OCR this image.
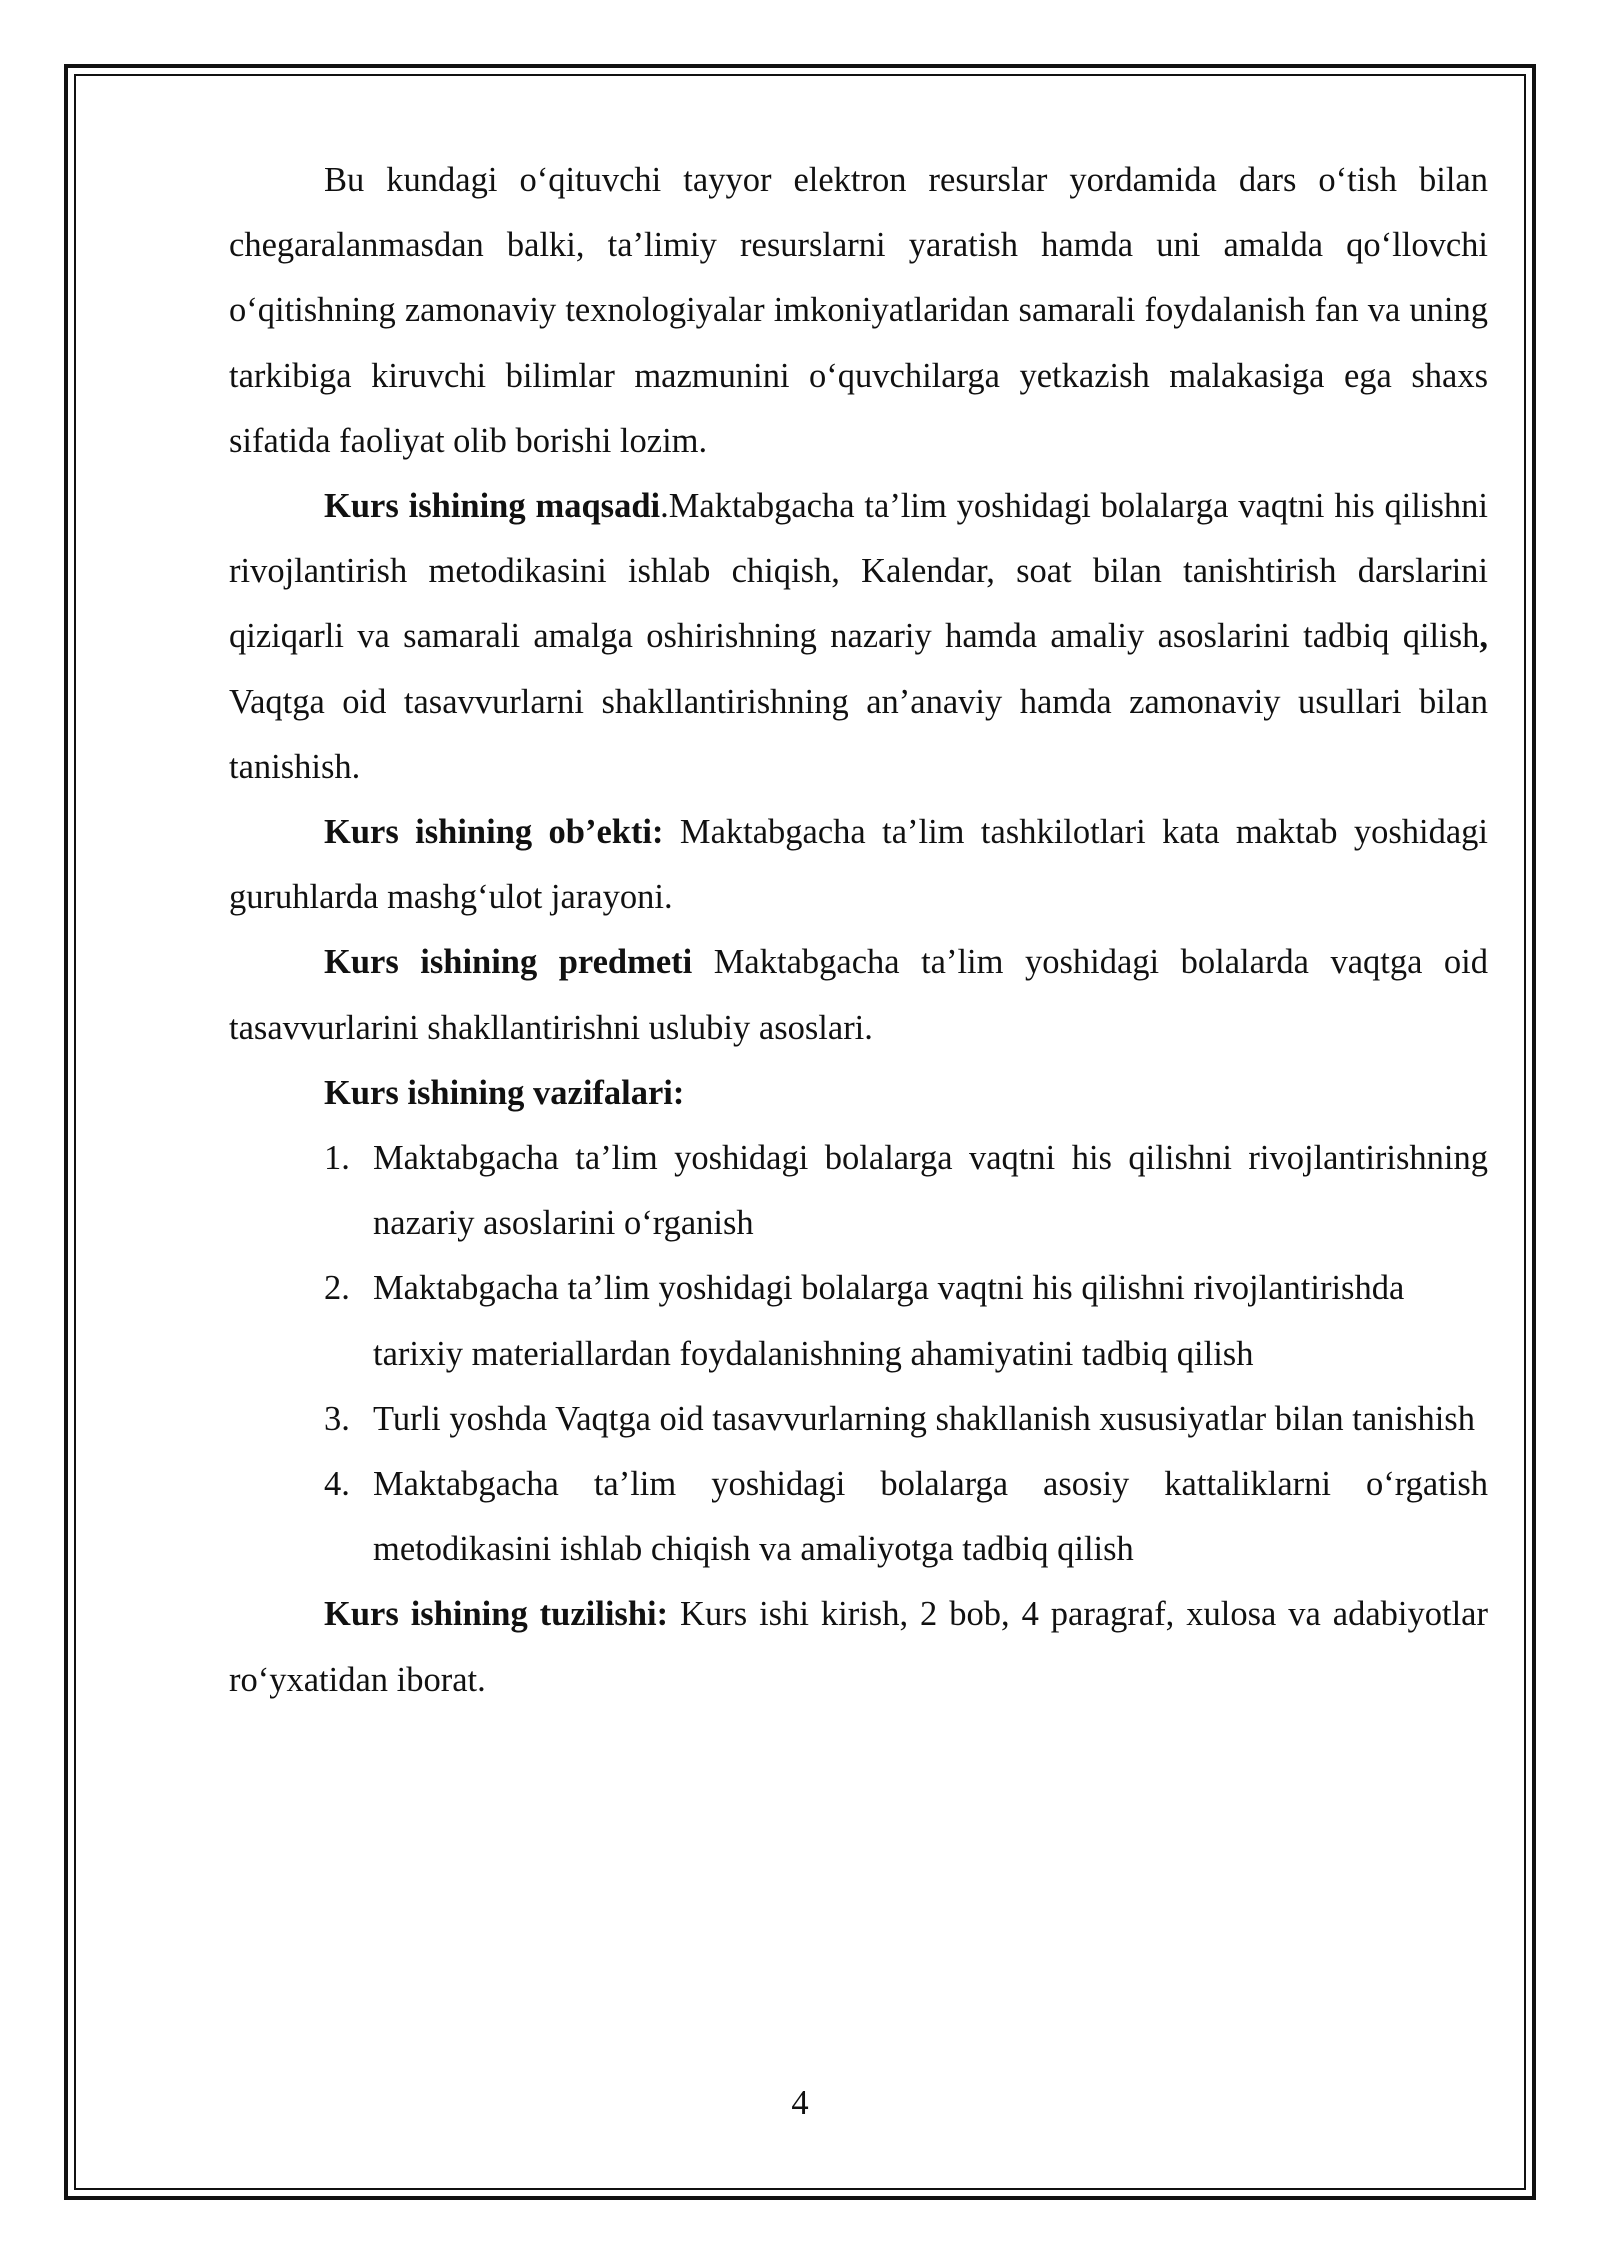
Bu kundagi o‘qituvchi tayyor elektron resurslar yordamida dars o‘tish bilan chegaralanmasdan balki, ta’limiy resurslarni yaratish hamda uni amalda qo‘llovchi o‘qitishning zamonaviy texnologiyalar imkoniyatlaridan samarali foydalanish fan va uning tarkibiga kiruvchi bilimlar mazmunini o‘quvchilarga yetkazish malakasiga ega shaxs sifatida faoliyat olib borishi lozim.

Kurs ishining maqsadi.Maktabgacha ta’lim yoshidagi bolalarga vaqtni his qilishni rivojlantirish metodikasini ishlab chiqish, Kalendar, soat bilan tanishtirish darslarini qiziqarli va samarali amalga oshirishning nazariy hamda amaliy asoslarini tadbiq qilish, Vaqtga oid tasavvurlarni shakllantirishning an’anaviy hamda zamonaviy usullari bilan tanishish.

Kurs ishining ob’ekti: Maktabgacha ta’lim tashkilotlari kata maktab yoshidagi guruhlarda mashg‘ulot jarayoni.

Kurs ishining predmeti Maktabgacha ta’lim yoshidagi bolalarda vaqtga oid tasavvurlarini shakllantirishni uslubiy asoslari.

Kurs ishining vazifalari:

1. Maktabgacha ta’lim yoshidagi bolalarga vaqtni his qilishni rivojlantirishning nazariy asoslarini o‘rganish
2. Maktabgacha ta’lim yoshidagi bolalarga vaqtni his qilishni rivojlantirishda tarixiy materiallardan foydalanishning ahamiyatini tadbiq qilish
3. Turli yoshda Vaqtga oid tasavvurlarning shakllanish xususiyatlar bilan tanishish
4. Maktabgacha ta’lim yoshidagi bolalarga asosiy kattaliklarni o‘rgatish metodikasini ishlab chiqish va amaliyotga tadbiq qilish

Kurs ishining tuzilishi: Kurs ishi kirish, 2 bob, 4 paragraf, xulosa va adabiyotlar ro‘yxatidan iborat.

4
